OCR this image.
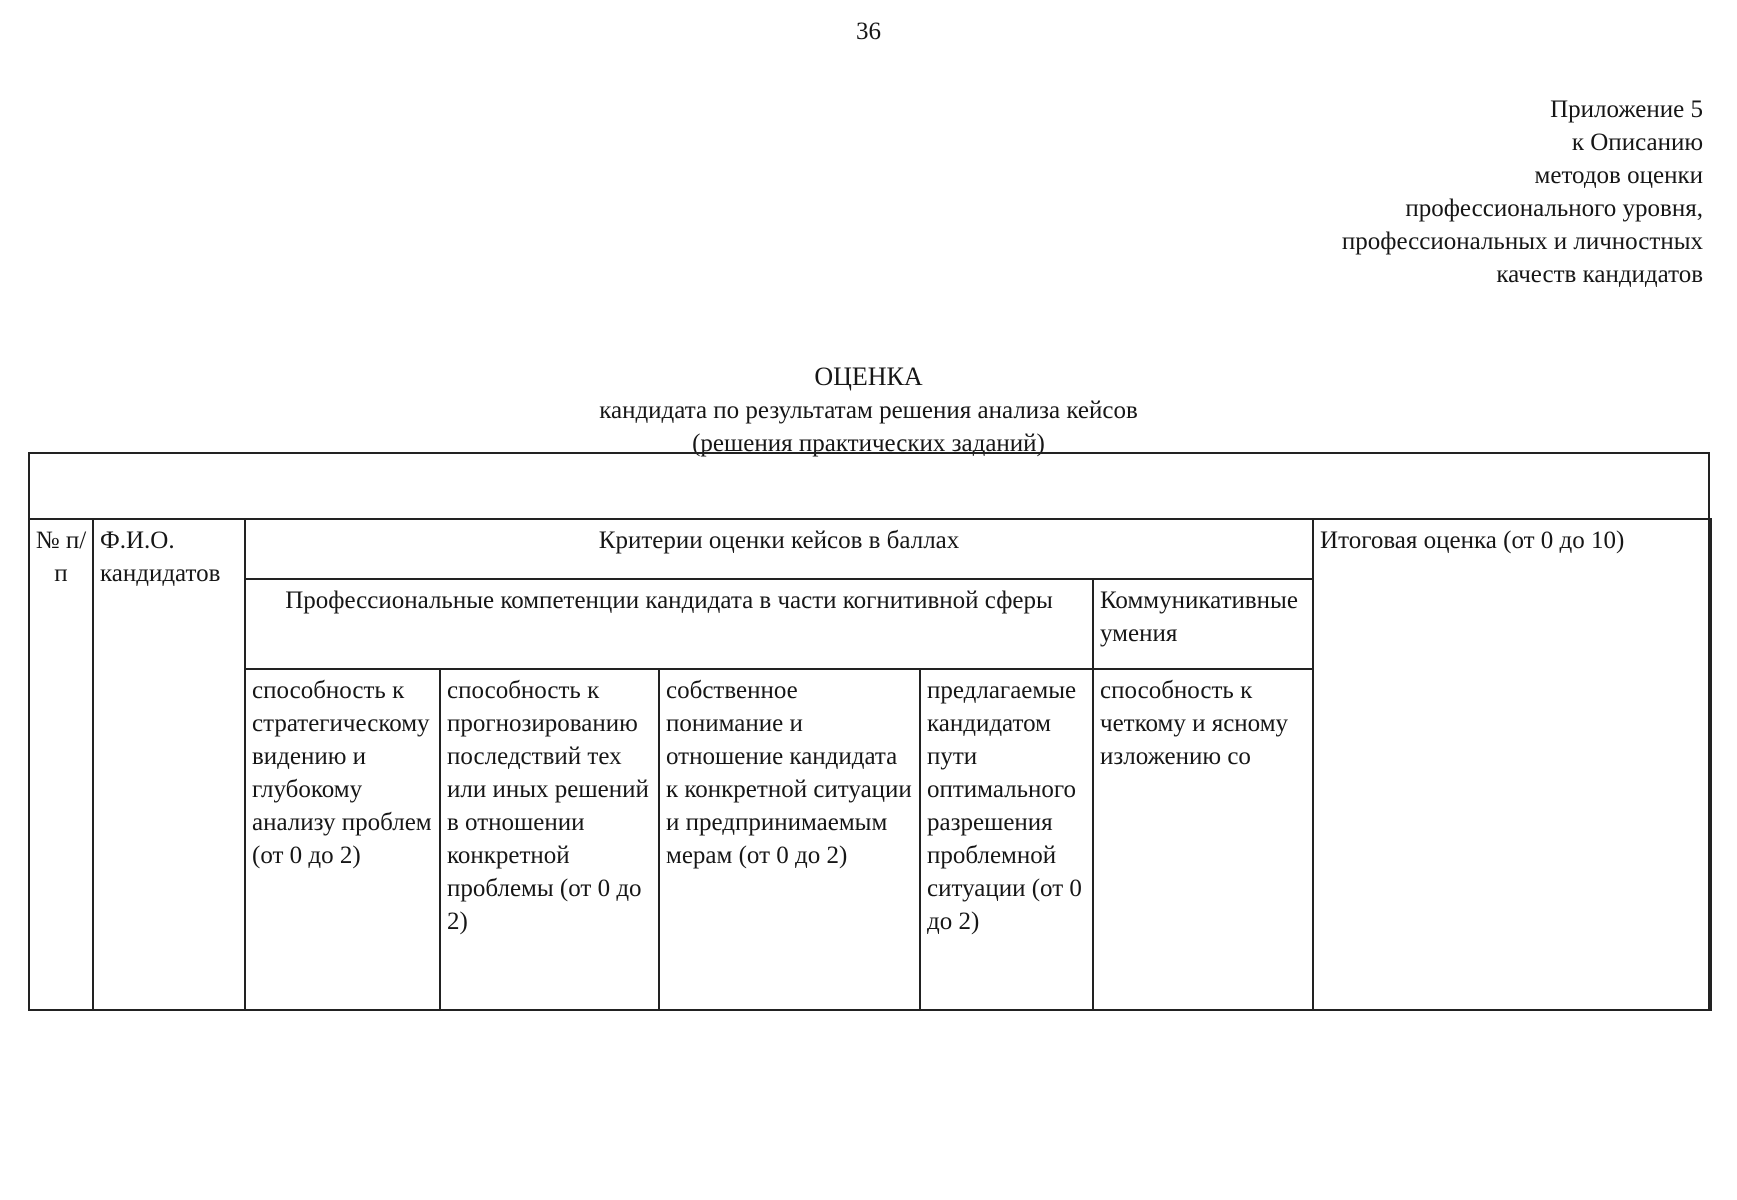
36
Приложение 5
к Описанию
методов оценки
профессионального уровня,
профессиональных и личностных
качеств кандидатов
ОЦЕНКА
кандидата по результатам решения анализа кейсов
(решения практических заданий)
№ п/п	Ф.И.О. кандидатов	Критерии оценки кейсов в баллах					Итоговая оценка (от 0 до 10)
		Профессиональные компетенции кандидата в части когнитивной сферы				Коммуникативные умения	
		способность к стратегическому видению и глубокому анализу проблем (от 0 до 2)	способность к прогнозированию последствий тех или иных решений в отношении конкретной проблемы (от 0 до 2)	собственное понимание и отношение кандидата к конкретной ситуации и предпринимаемым мерам (от 0 до 2)	предлагаемые кандидатом пути оптимального разрешения проблемной ситуации (от 0 до 2)	способность к четкому и ясному изложению со	
